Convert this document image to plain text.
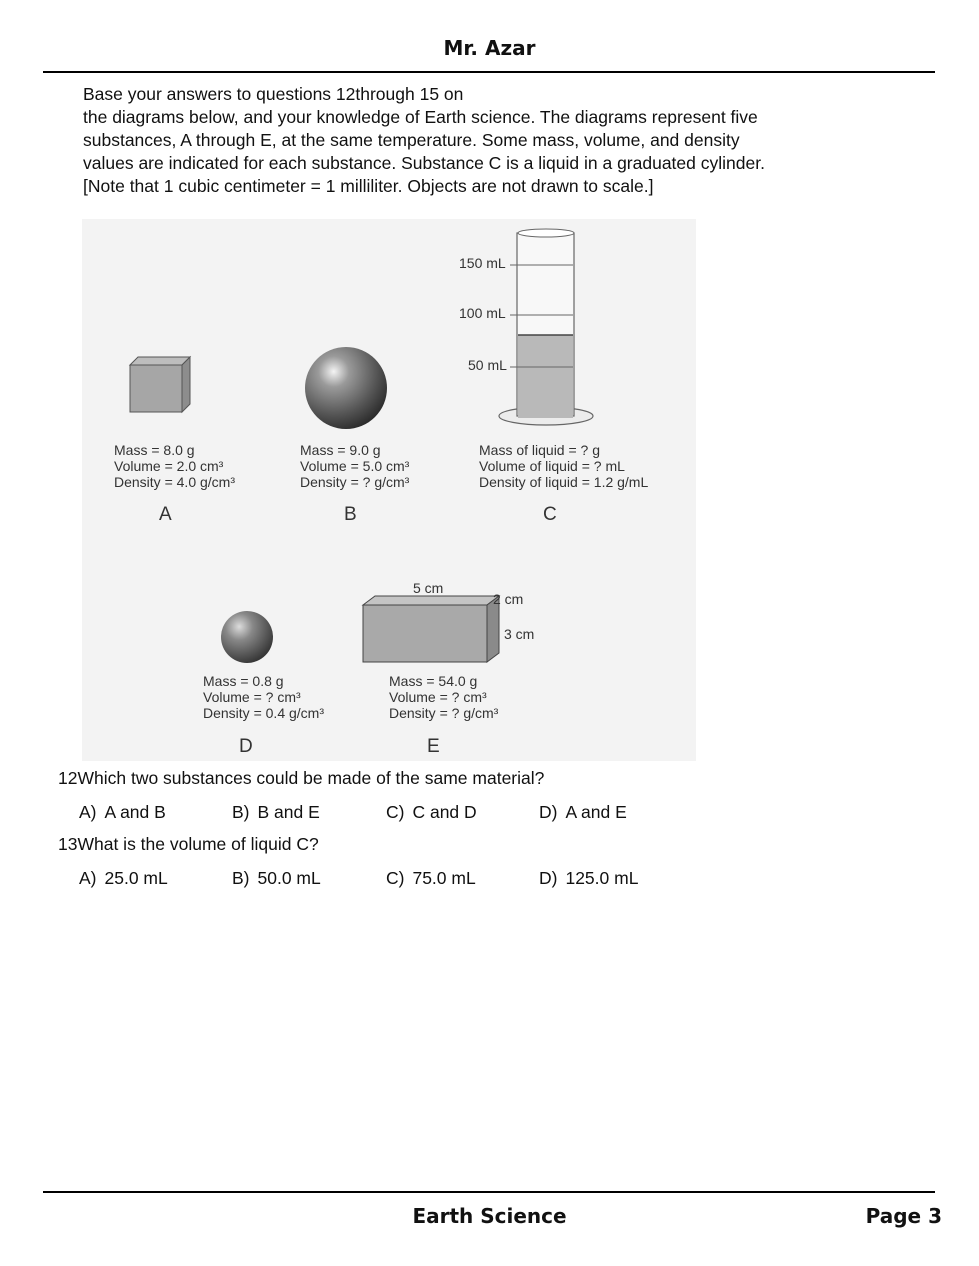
Mr. Azar
Base your answers to questions 12through 15 on
the diagrams below, and your knowledge of Earth science. The diagrams represent five
substances, A through E, at the same temperature. Some mass, volume, and density
values are indicated for each substance. Substance C is a liquid in a graduated cylinder.
[Note that 1 cubic centimeter = 1 milliliter. Objects are not drawn to scale.]
150 mL
100 mL
50 mL
Mass = 8.0 g
Volume = 2.0 cm³
Density = 4.0 g/cm³
A
Mass = 9.0 g
Volume = 5.0 cm³
Density = ? g/cm³
B
Mass of liquid = ? g
Volume of liquid = ? mL
Density of liquid = 1.2 g/mL
C
5 cm
2 cm
3 cm
Mass = 0.8 g
Volume = ? cm³
Density = 0.4 g/cm³
D
Mass = 54.0 g
Volume = ? cm³
Density = ? g/cm³
E
12Which two substances could be made of the same material?
A) A and B	B) B and E	C) C and D	D) A and E
13What is the volume of liquid C?
A) 25.0 mL	B) 50.0 mL	C) 75.0 mL	D) 125.0 mL
Earth Science	Page 3
